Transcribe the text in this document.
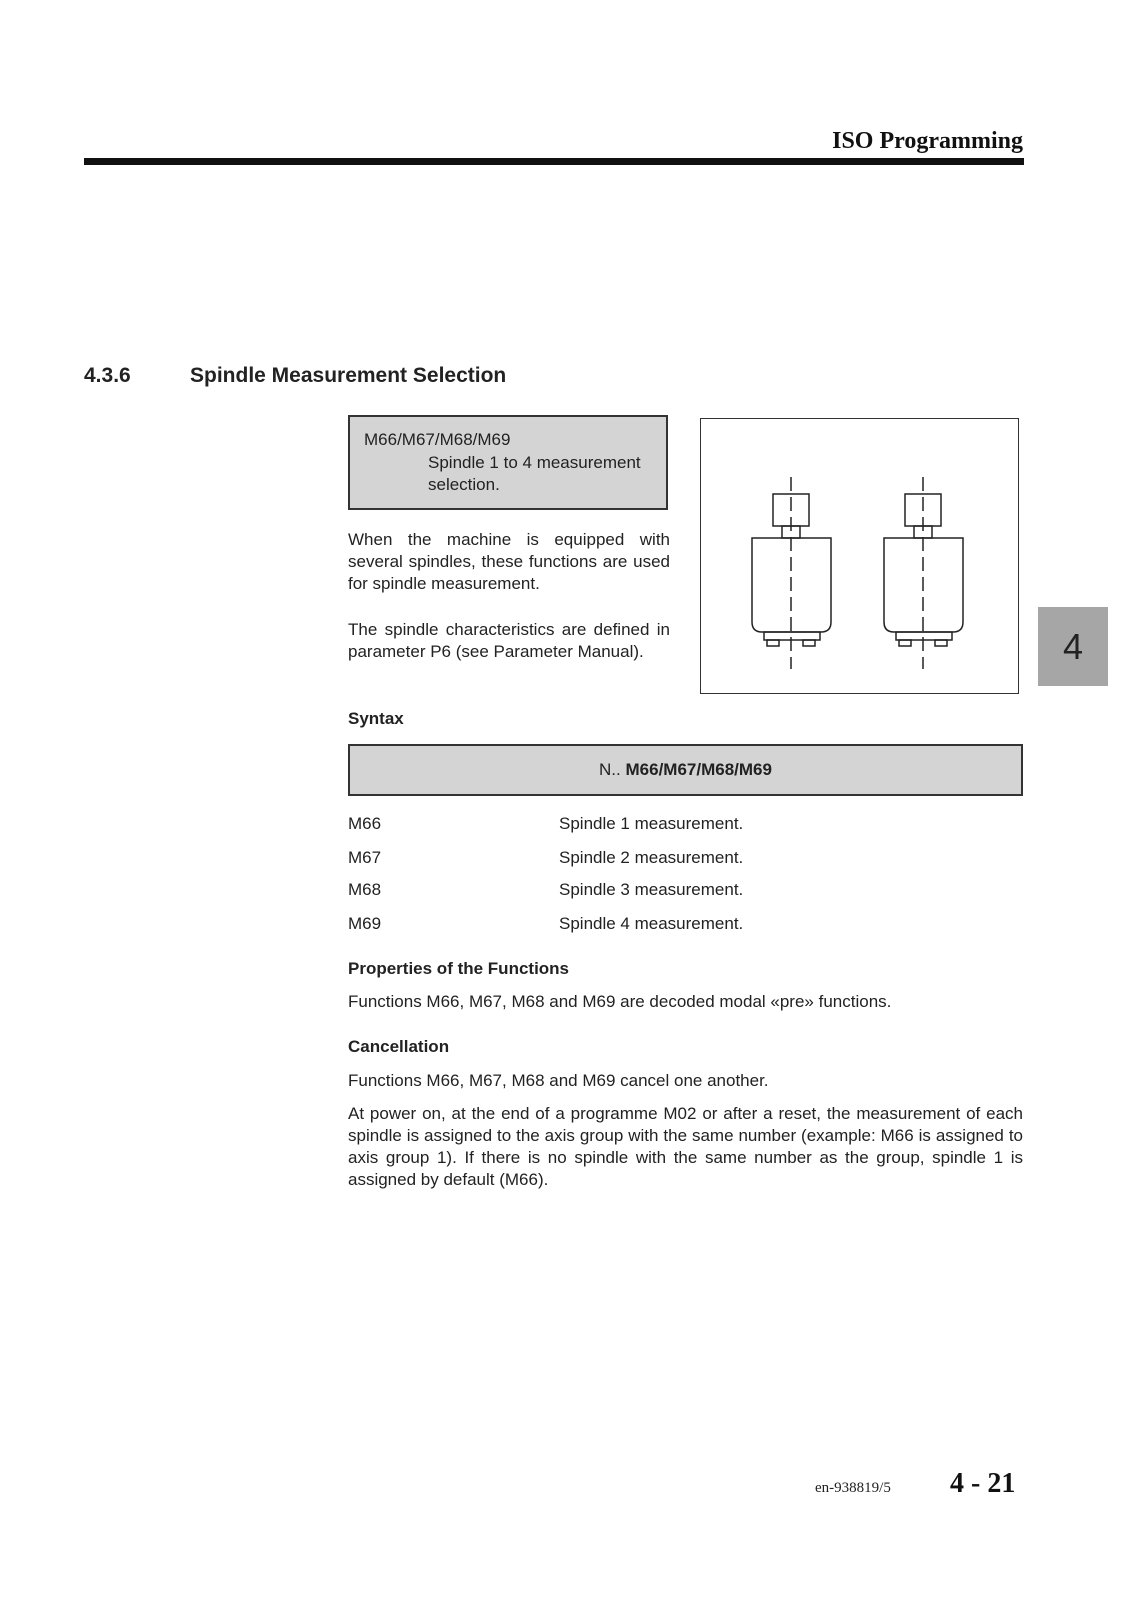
ISO Programming
4.3.6	Spindle Measurement Selection
M66/M67/M68/M69
Spindle 1 to 4 measurement selection.
When the machine is equipped with several spindles, these functions are used for spindle measurement.
The spindle characteristics are defined in parameter P6 (see Parameter Manual).	4
Syntax
N.. M66/M67/M68/M69
M66	Spindle 1 measurement.
M67	Spindle 2 measurement.
M68	Spindle 3 measurement.
M69	Spindle 4 measurement.
Properties of the Functions
Functions M66, M67, M68 and M69 are decoded modal «pre» functions.
Cancellation
Functions M66, M67, M68 and M69 cancel one another.
At power on, at the end of a programme M02 or after a reset, the measurement of each spindle is assigned to the axis group with the same number (example: M66 is assigned to axis group 1). If there is no spindle with the same number as the group, spindle 1 is assigned by default (M66).
en-938819/5 4 - 21
